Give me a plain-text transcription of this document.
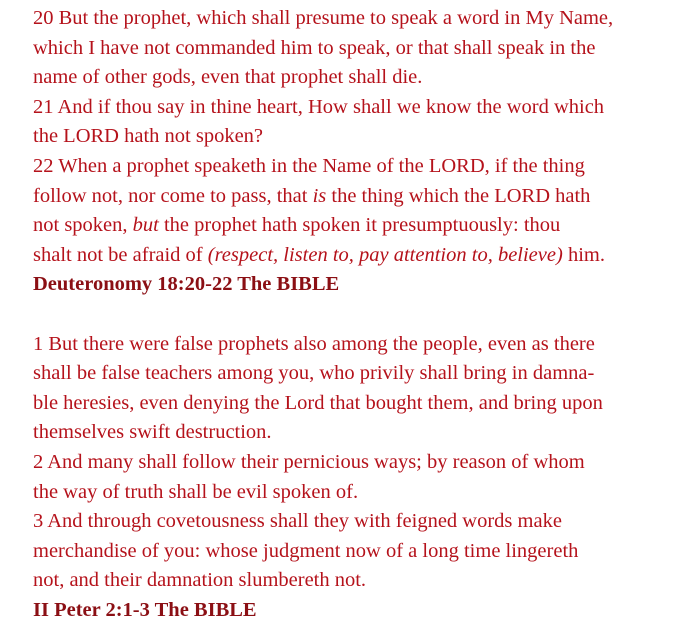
20 But the prophet, which shall presume to speak a word in My Name,
which I have not commanded him to speak, or that shall speak in the
name of other gods, even that prophet shall die.
21 And if thou say in thine heart, How shall we know the word which
the LORD hath not spoken?
22 When a prophet speaketh in the Name of the LORD, if the thing
follow not, nor come to pass, that is the thing which the LORD hath
not spoken, but the prophet hath spoken it presumptuously: thou
shalt not be afraid of (respect, listen to, pay attention to, believe) him.
Deuteronomy 18:20-22 The BIBLE
1 But there were false prophets also among the people, even as there
shall be false teachers among you, who privily shall bring in damna-
ble heresies, even denying the Lord that bought them, and bring upon
themselves swift destruction.
2 And many shall follow their pernicious ways; by reason of whom
the way of truth shall be evil spoken of.
3 And through covetousness shall they with feigned words make
merchandise of you: whose judgment now of a long time lingereth
not, and their damnation slumbereth not.
II Peter 2:1-3 The BIBLE
